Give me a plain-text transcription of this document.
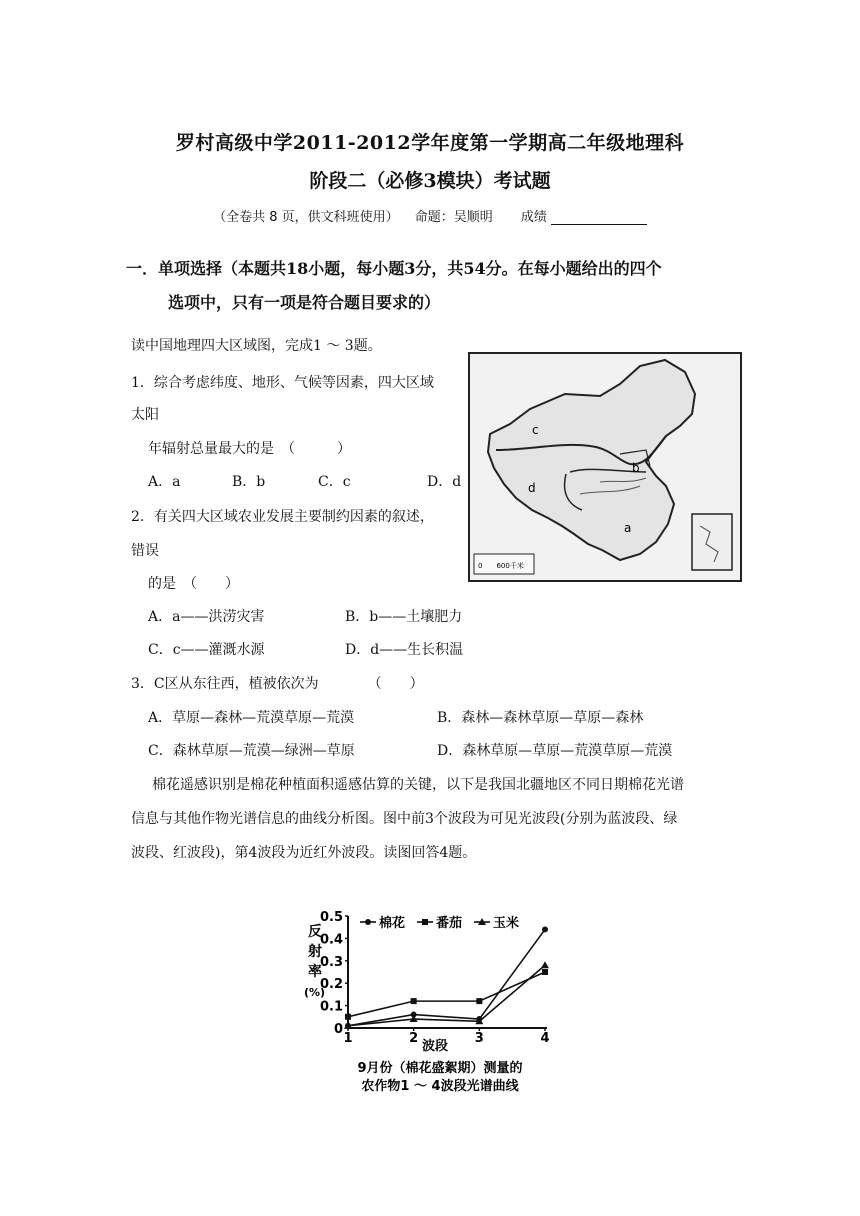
罗村高级中学2011-2012学年度第一学期高二年级地理科
阶段二（必修3模块）考试题
（全卷共 8 页，供文科班使用） 命题：吴顺明 成绩
一．单项选择（本题共18小题，每小题3分，共54分。在每小题给出的四个
选项中，只有一项是符合题目要求的）
读中国地理四大区域图，完成1 ～ 3题。
1．综合考虑纬度、地形、气候等因素，四大区域
太阳
年辐射总量最大的是　（　　　）
A．a	B．b	C．c	D．d
2．有关四大区域农业发展主要制约因素的叙述，
错误
的是　（　　）
A．a——洪涝灾害	B．b——土壤肥力
C．c——灌溉水源	D．d——生长积温
3．C区从东往西，植被依次为　　　　（　　）
A．草原—森林—荒漠草原—荒漠	B．森林—森林草原—草原—森林
C．森林草原—荒漠—绿洲—草原	D．森林草原—草原—荒漠草原—荒漠
棉花遥感识别是棉花种植面积遥感估算的关键，以下是我国北疆地区不同日期棉花光谱
信息与其他作物光谱信息的曲线分析图。图中前3个波段为可见光波段(分别为蓝波段、绿
波段、红波段)，第4波段为近红外波段。读图回答4题。
0　　600千米
c
b
d
a
0
0.1
0.2
0.3
0.4
0.5
1	2	3	4
棉花 番茄 玉米
反射率(%)
波段
9月份（棉花盛絮期）测量的
农作物1 ～ 4波段光谱曲线
